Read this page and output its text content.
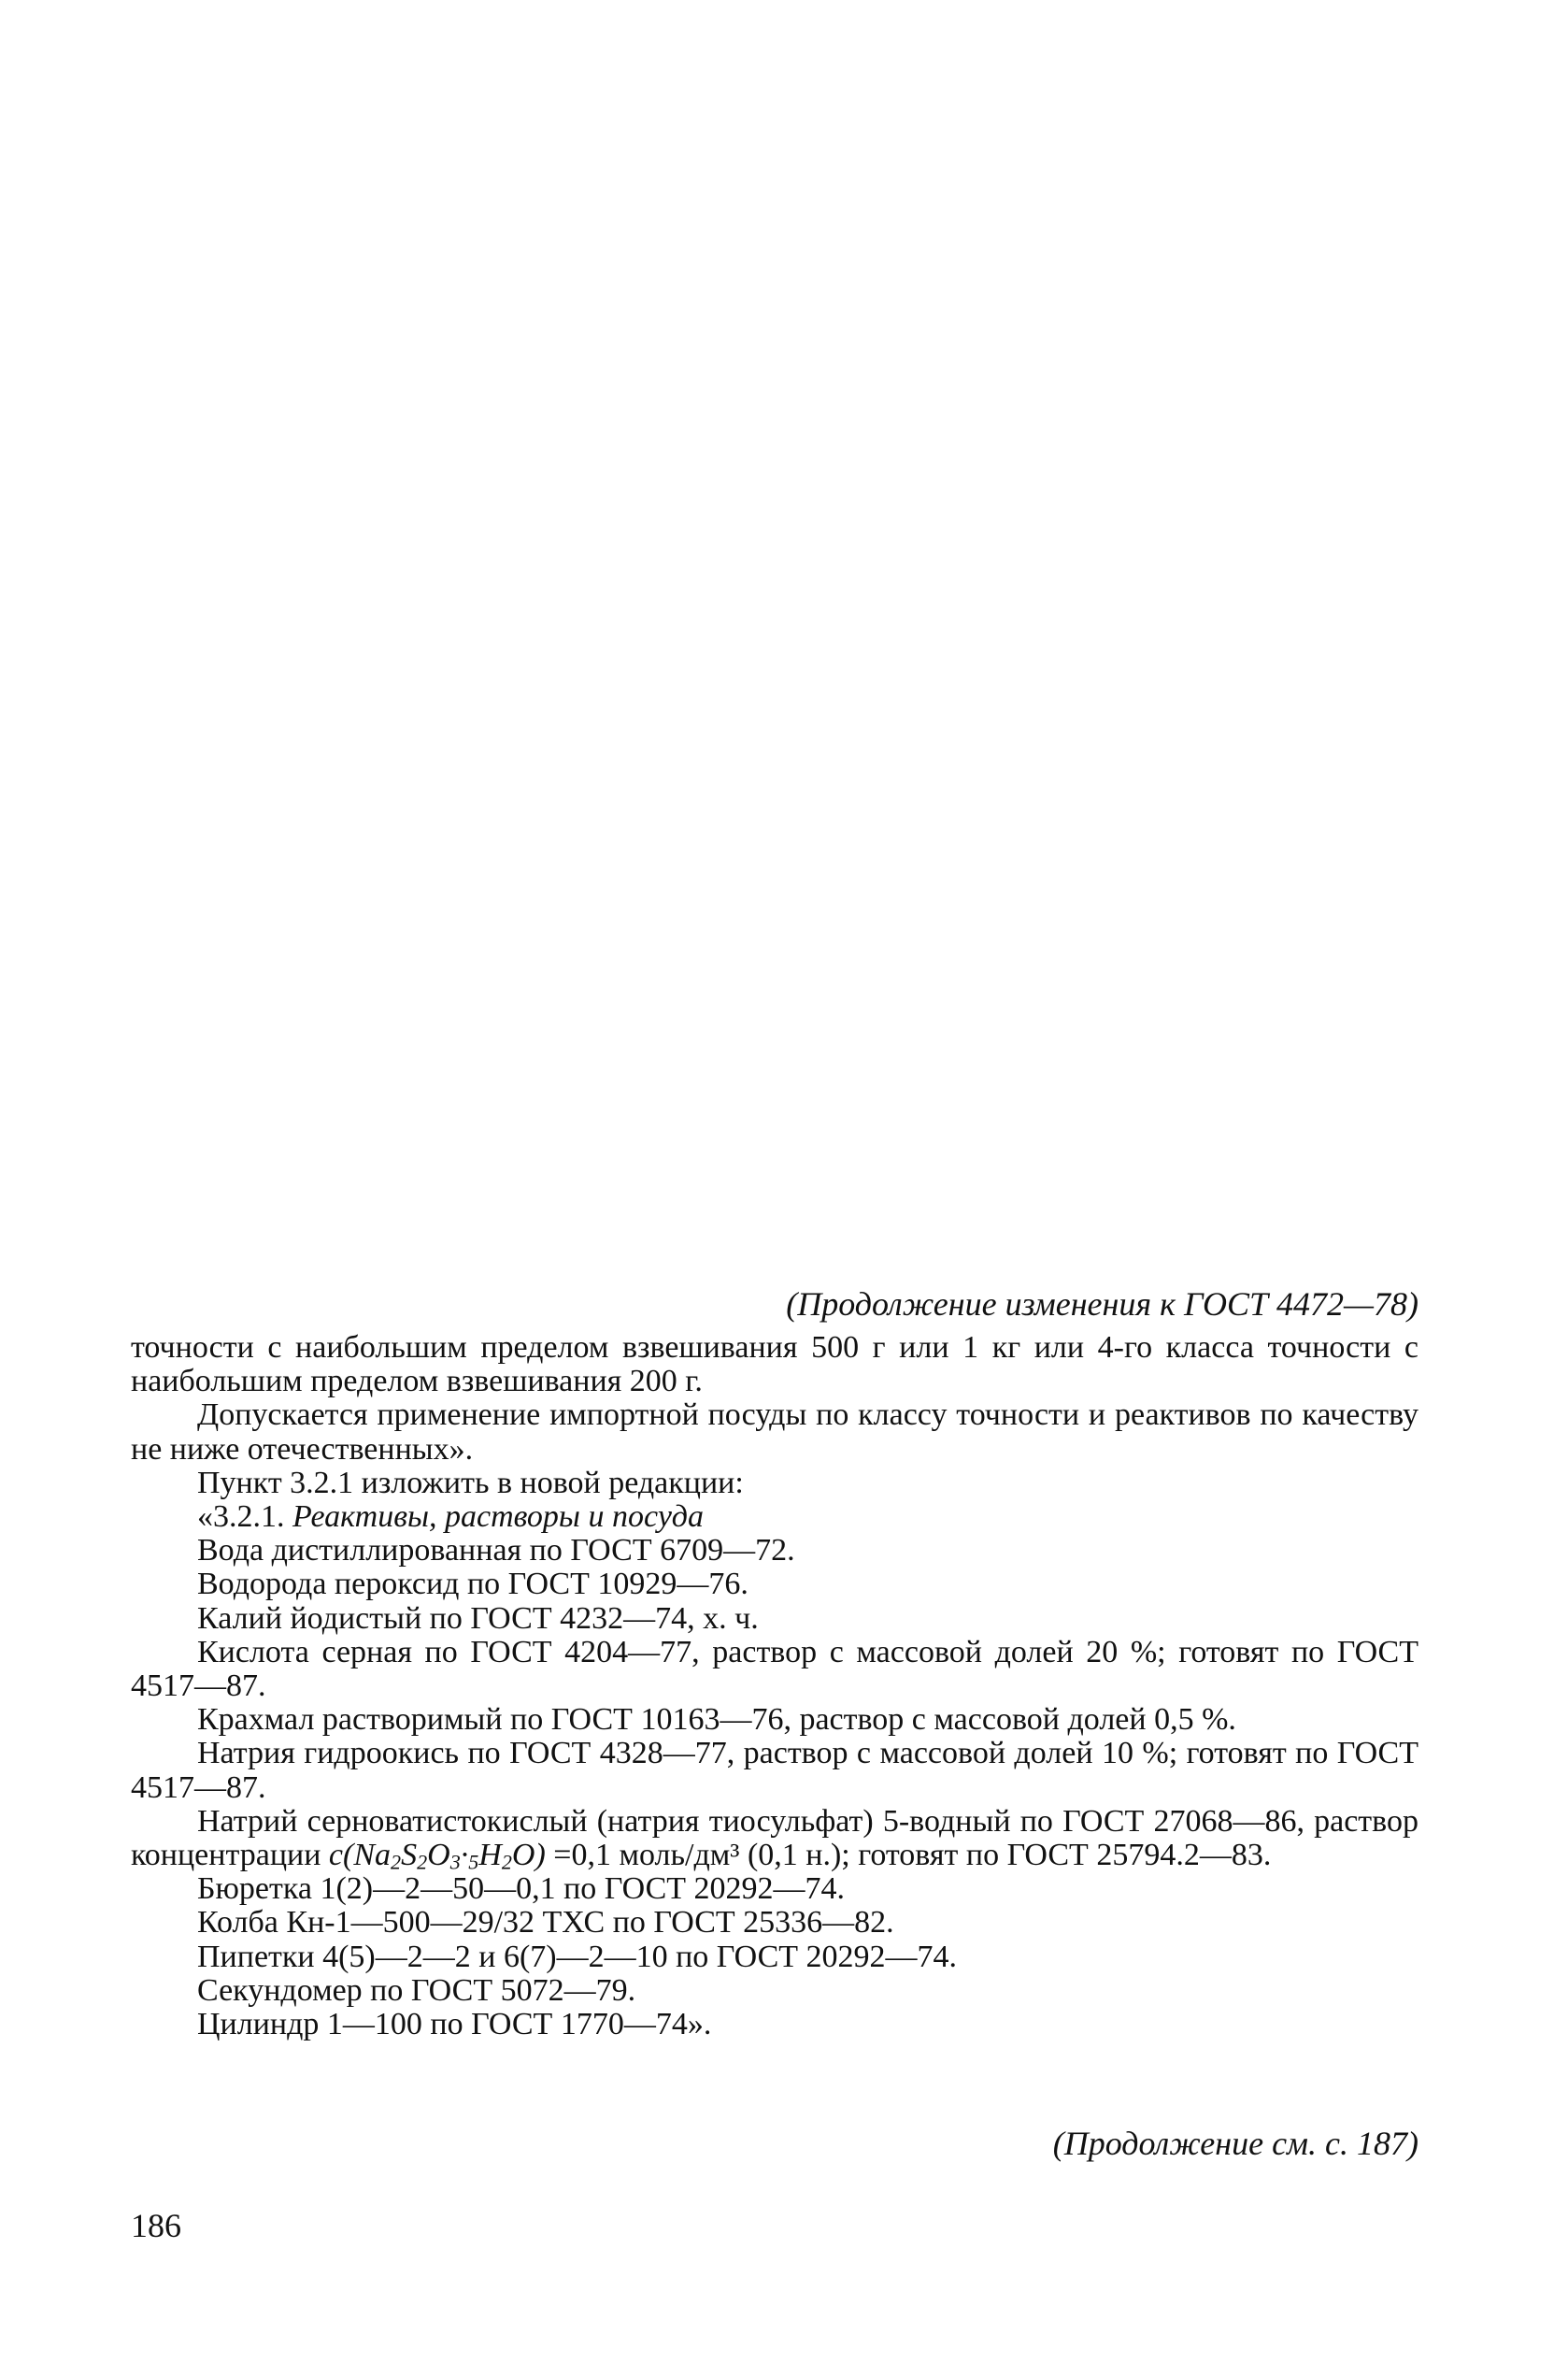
(Продолжение изменения к ГОСТ 4472—78)

точности с наибольшим пределом взвешивания 500 г или 1 кг или 4-го класса точности с наибольшим пределом взвешивания 200 г.

Допускается применение импортной посуды по классу точности и реактивов по качеству не ниже отечественных».

Пункт 3.2.1 изложить в новой редакции:

«3.2.1. Реактивы, растворы и посуда

Вода дистиллированная по ГОСТ 6709—72.

Водорода пероксид по ГОСТ 10929—76.

Калий йодистый по ГОСТ 4232—74, х. ч.

Кислота серная по ГОСТ 4204—77, раствор с массовой долей 20 %; готовят по ГОСТ 4517—87.

Крахмал растворимый по ГОСТ 10163—76, раствор с массовой долей 0,5 %.

Натрия гидроокись по ГОСТ 4328—77, раствор с массовой долей 10 %; готовят по ГОСТ 4517—87.

Натрий серноватистокислый (натрия тиосульфат) 5-водный по ГОСТ 27068—86, раствор концентрации $c(Na_2S_2O_3\cdot_5H_2O) =0,1$ моль/дм³ (0,1 н.); готовят по ГОСТ 25794.2—83.

Бюретка 1(2)—2—50—0,1 по ГОСТ 20292—74.

Колба Кн-1—500—29/32 ТХС по ГОСТ 25336—82.

Пипетки 4(5)—2—2 и 6(7)—2—10 по ГОСТ 20292—74.

Секундомер по ГОСТ 5072—79.

Цилиндр 1—100 по ГОСТ 1770—74».

(Продолжение см. с. 187)
186
